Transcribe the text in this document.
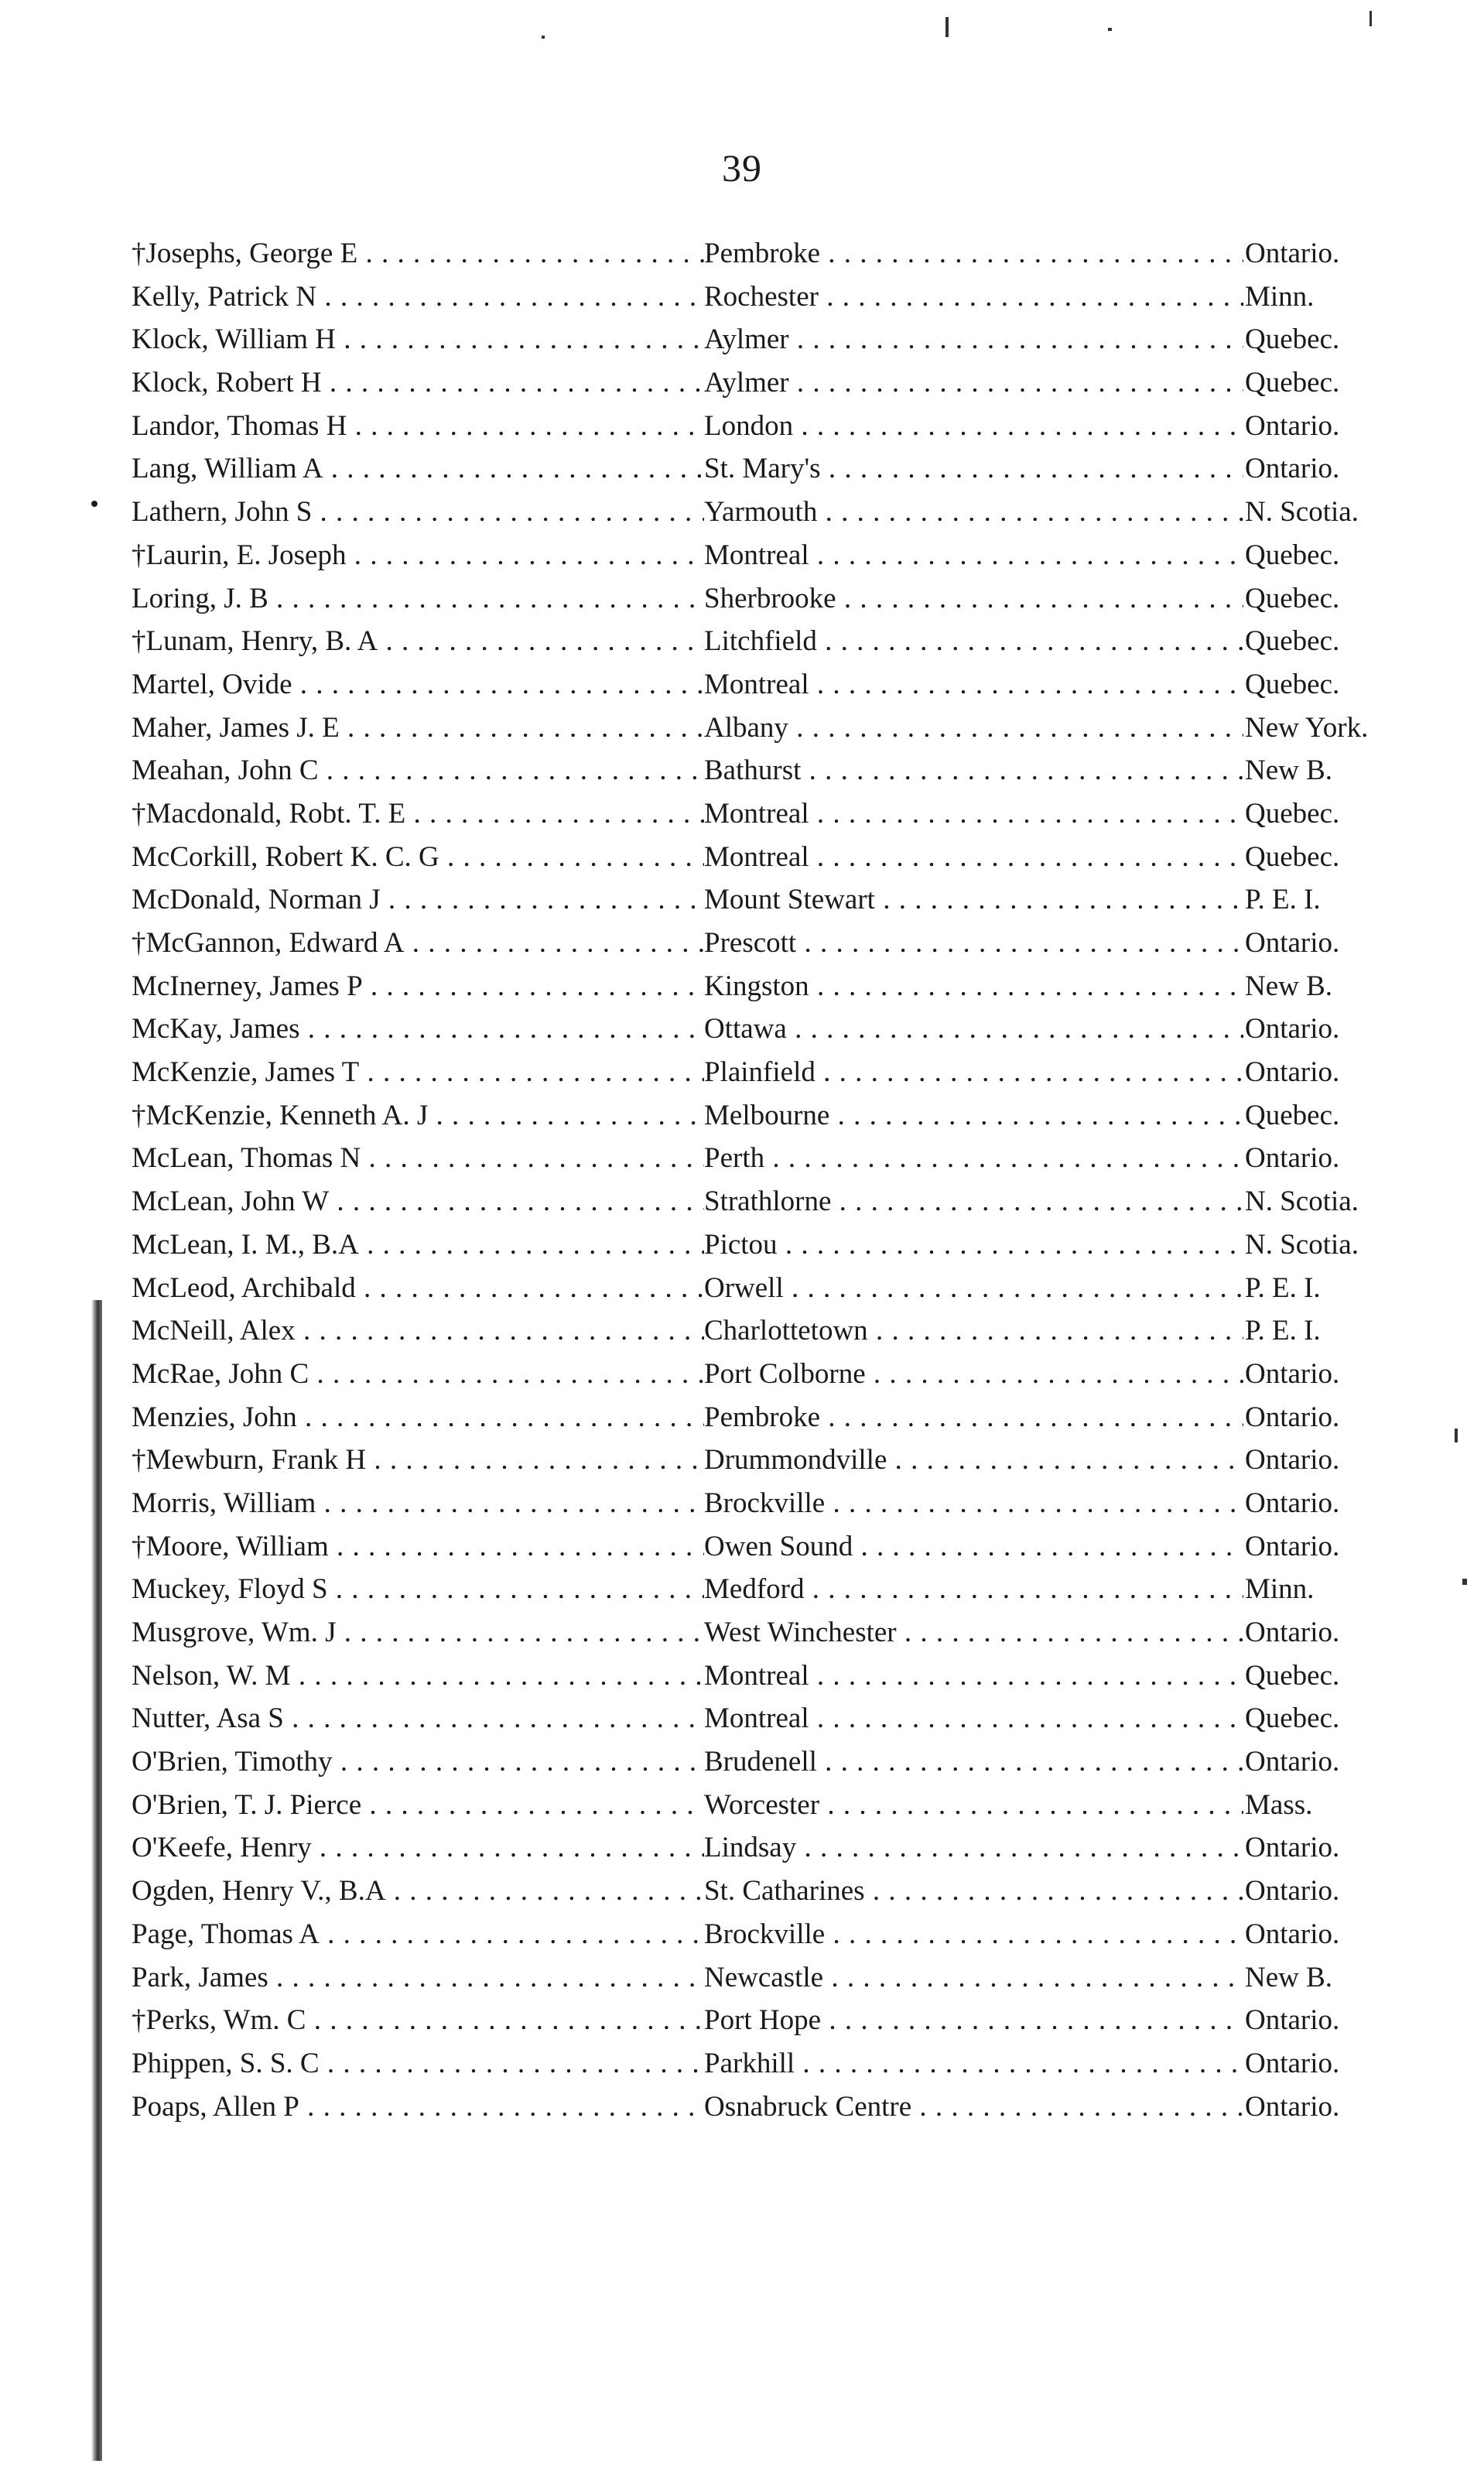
39
†Josephs, George E . . .	Pembroke . . .	Ontario.
Kelly, Patrick N . . .	Rochester . . .	Minn.
Klock, William H . . .	Aylmer . . .	Quebec.
Klock, Robert H . . .	Aylmer . . .	Quebec.
Landor, Thomas H . . .	London . . .	Ontario.
Lang, William A . . .	St. Mary's . . .	Ontario.
Lathern, John S . . .	Yarmouth . . .	N. Scotia.
†Laurin, E. Joseph . . .	Montreal . . .	Quebec.
Loring, J. B . . .	Sherbrooke . . .	Quebec.
†Lunam, Henry, B. A . . .	Litchfield . . .	Quebec.
Martel, Ovide . . .	Montreal . . .	Quebec.
Maher, James J. E . . .	Albany . . .	New York.
Meahan, John C . . .	Bathurst . . .	New B.
†Macdonald, Robt. T. E . . .	Montreal . . .	Quebec.
McCorkill, Robert K. C. G . . .	Montreal . . .	Quebec.
McDonald, Norman J . . .	Mount Stewart . . .	P. E. I.
†McGannon, Edward A . . .	Prescott . . .	Ontario.
McInerney, James P . . .	Kingston . . .	New B.
McKay, James . . .	Ottawa . . .	Ontario.
McKenzie, James T . . .	Plainfield . . .	Ontario.
†McKenzie, Kenneth A. J . . .	Melbourne . . .	Quebec.
McLean, Thomas N . . .	Perth . . .	Ontario.
McLean, John W . . .	Strathlorne . . .	N. Scotia.
McLean, I. M., B.A . . .	Pictou . . .	N. Scotia.
McLeod, Archibald . . .	Orwell . . .	P. E. I.
McNeill, Alex . . .	Charlottetown . . .	P. E. I.
McRae, John C . . .	Port Colborne . . .	Ontario.
Menzies, John . . .	Pembroke . . .	Ontario.
†Mewburn, Frank H . . .	Drummondville . . .	Ontario.
Morris, William . . .	Brockville . . .	Ontario.
†Moore, William . . .	Owen Sound . . .	Ontario.
Muckey, Floyd S . . .	Medford . . .	Minn.
Musgrove, Wm. J . . .	West Winchester . . .	Ontario.
Nelson, W. M . . .	Montreal . . .	Quebec.
Nutter, Asa S . . .	Montreal . . .	Quebec.
O'Brien, Timothy . . .	Brudenell . . .	Ontario.
O'Brien, T. J. Pierce . . .	Worcester . . .	Mass.
O'Keefe, Henry . . .	Lindsay . . .	Ontario.
Ogden, Henry V., B.A . . .	St. Catharines . . .	Ontario.
Page, Thomas A . . .	Brockville . . .	Ontario.
Park, James . . .	Newcastle . . .	New B.
†Perks, Wm. C . . .	Port Hope . . .	Ontario.
Phippen, S. S. C . . .	Parkhill . . .	Ontario.
Poaps, Allen P . . .	Osnabruck Centre . . .	Ontario.
